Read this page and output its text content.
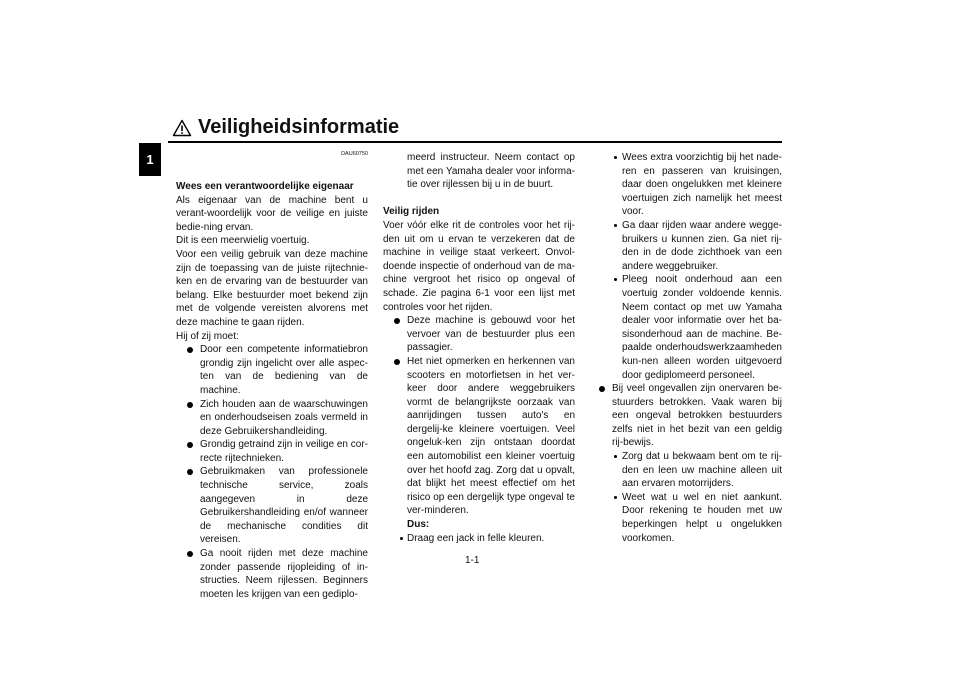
Veiligheidsinformatie
1	DAU60750

Wees een verantwoordelijke eigenaar

Als eigenaar van de machine bent u verant-woordelijk voor de veilige en juiste bedie-ning ervan.

Dit is een meerwielig voertuig.

Voor een veilig gebruik van deze machine zijn de toepassing van de juiste rijtechnie-ken en de ervaring van de bestuurder van belang. Elke bestuurder moet bekend zijn met de volgende vereisten alvorens met deze machine te gaan rijden.

Hij of zij moet:

Door een competente informatiebron grondig zijn ingelicht over alle aspec-ten van de bediening van de machine.
Zich houden aan de waarschuwingen en onderhoudseisen zoals vermeld in deze Gebruikershandleiding.
Grondig getraind zijn in veilige en cor-recte rijtechnieken.
Gebruikmaken van professionele technische service, zoals aangegeven in deze Gebruikershandleiding en/of wanneer de mechanische condities dit vereisen.
Ga nooit rijden met deze machine zonder passende rijopleiding of in-structies. Neem rijlessen. Beginners moeten les krijgen van een gediplo-

meerd instructeur. Neem contact op met een Yamaha dealer voor informa-tie over rijlessen bij u in de buurt.

Veilig rijden

Voer vóór elke rit de controles voor het rij-den uit om u ervan te verzekeren dat de machine in veilige staat verkeert. Onvol-doende inspectie of onderhoud van de ma-chine vergroot het risico op ongeval of schade. Zie pagina 6-1 voor een lijst met controles voor het rijden.

Deze machine is gebouwd voor het vervoer van de bestuurder plus een passagier.
Het niet opmerken en herkennen van scooters en motorfietsen in het ver-keer door andere weggebruikers vormt de belangrijkste oorzaak van aanrijdingen tussen auto's en dergelij-ke kleinere voertuigen. Veel ongeluk-ken zijn ontstaan doordat een automobilist een kleiner voertuig over het hoofd zag. Zorg dat u opvalt, dat blijkt het meest effectief om het risico op een dergelijk type ongeval te ver-minderen.

Dus:

Draag een jack in felle kleuren.
Wees extra voorzichtig bij het nade-ren en passeren van kruisingen, daar doen ongelukken met kleinere voertuigen zich namelijk het meest voor.
Ga daar rijden waar andere wegge-bruikers u kunnen zien. Ga niet rij-den in de dode zichthoek van een andere weggebruiker.
Pleeg nooit onderhoud aan een voertuig zonder voldoende kennis. Neem contact op met uw Yamaha dealer voor informatie over het ba-sisonderhoud aan de machine. Be-paalde onderhoudswerkzaamheden kun-nen alleen worden uitgevoerd door gediplomeerd personeel.
Bij veel ongevallen zijn onervaren be-stuurders betrokken. Vaak waren bij een ongeval betrokken bestuurders zelfs niet in het bezit van een geldig rij-bewijs.
Zorg dat u bekwaam bent om te rij-den en leen uw machine alleen uit aan ervaren motorrijders.
Weet wat u wel en niet aankunt. Door rekening te houden met uw beperkingen helpt u ongelukken voorkomen.
1-1
